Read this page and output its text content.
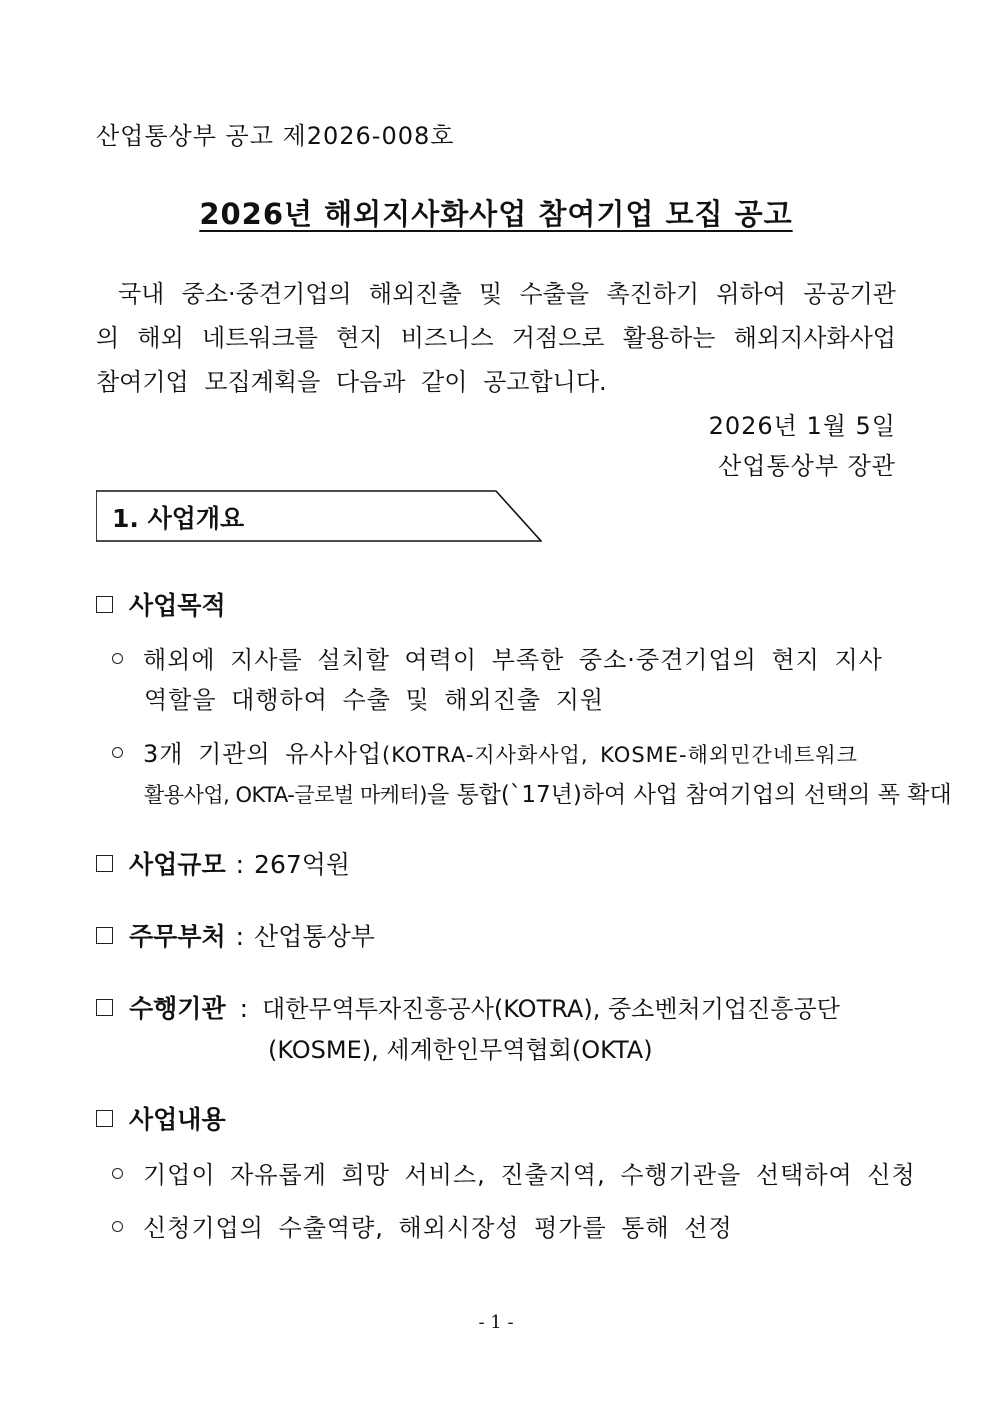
산업통상부 공고 제2026-008호
2026년 해외지사화사업 참여기업 모집 공고
국내 중소·중견기업의 해외진출 및 수출을 촉진하기 위하여 공공기관의 해외 네트워크를 현지 비즈니스 거점으로 활용하는 해외지사화사업 참여기업 모집계획을 다음과 같이 공고합니다.
2026년 1월 5일
산업통상부 장관
1. 사업개요
사업목적
해외에 지사를 설치할 여력이 부족한 중소·중견기업의 현지 지사
역할을 대행하여 수출 및 해외진출 지원
3개 기관의 유사사업(KOTRA-지사화사업, KOSME-해외민간네트워크
활용사업, OKTA-글로벌 마케터)을 통합(`17년)하여 사업 참여기업의 선택의 폭 확대
사업규모 : 267억원
주무부처 : 산업통상부
수행기관 : 대한무역투자진흥공사(KOTRA), 중소벤처기업진흥공단
(KOSME), 세계한인무역협회(OKTA)
사업내용
기업이 자유롭게 희망 서비스, 진출지역, 수행기관을 선택하여 신청
신청기업의 수출역량, 해외시장성 평가를 통해 선정
- 1 -
